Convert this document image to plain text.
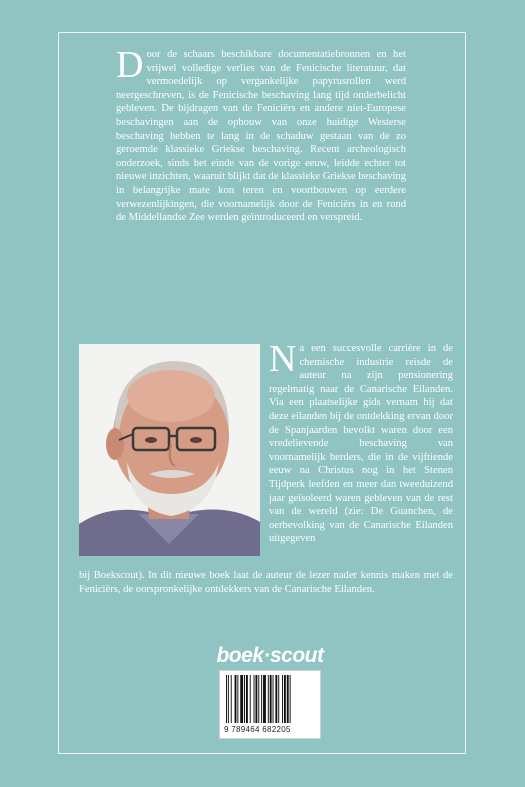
Door de schaars beschikbare documentatiebronnen en het vrijwel volledige verlies van de Fenicische literatuur, dat vermoedelijk op vergankelijke papyrusrollen werd neergeschreven, is de Fenicische beschaving lang tijd onderbelicht gebleven. De bijdragen van de Feniciërs en andere niet-Europese beschavingen aan de opbouw van onze huidige Westerse beschaving hebben te lang in de schaduw gestaan van de zo geroemde klassieke Griekse beschaving. Recent archeologisch onderzoek, sinds het einde van de vorige eeuw, leidde echter tot nieuwe inzichten, waaruit blijkt dat de klassieke Griekse beschaving in belangrijke mate kon teren en voortbouwen op eerdere verwezenlijkingen, die voornamelijk door de Feniciërs in en rond de Middellandse Zee werden geïntroduceerd en verspreid.
Na een succesvolle carrière in de chemische industrie reisde de auteur na zijn pensionering regelmatig naar de Canarische Eilanden. Via een plaatselijke gids vernam hij dat deze eilanden bij de ontdekking ervan door de Spanjaarden bevolkt waren door een vredelievende beschaving van voornamelijk herders, die in de vijftiende eeuw na Christus nog in het Stenen Tijdperk leefden en meer dan tweeduizend jaar geïsoleerd waren gebleven van de rest van de wereld (zie: De Guanchen, de oerbevolking van de Canarische Eilanden uitgegeven
bij Boekscout). In dit nieuwe boek laat de auteur de lezer nader kennis maken met de Feniciërs, de oorspronkelijke ontdekkers van de Canarische Eilanden.
boek·scout
9 789464 682205
